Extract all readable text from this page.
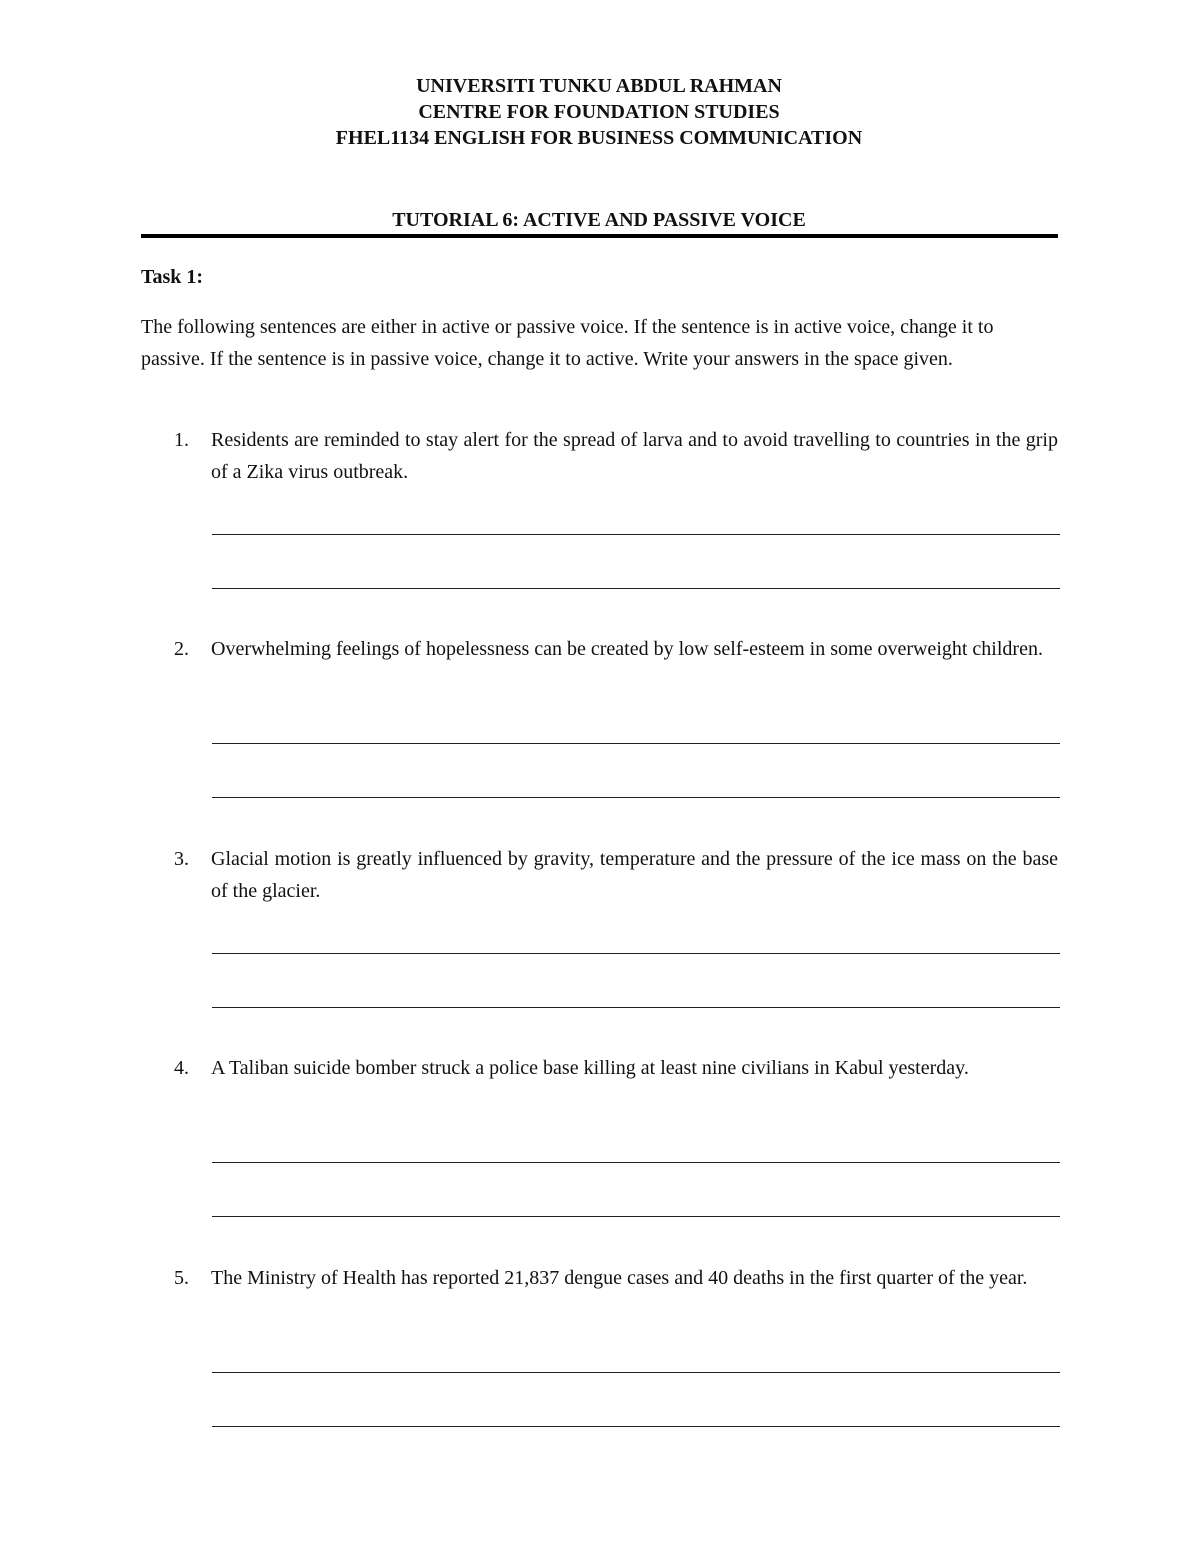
UNIVERSITI TUNKU ABDUL RAHMAN
CENTRE FOR FOUNDATION STUDIES
FHEL1134 ENGLISH FOR BUSINESS COMMUNICATION
TUTORIAL 6: ACTIVE AND PASSIVE VOICE
Task 1:
The following sentences are either in active or passive voice. If the sentence is in active voice, change it to passive. If the sentence is in passive voice, change it to active. Write your answers in the space given.
1. Residents are reminded to stay alert for the spread of larva and to avoid travelling to countries in the grip of a Zika virus outbreak.
2. Overwhelming feelings of hopelessness can be created by low self-esteem in some overweight children.
3. Glacial motion is greatly influenced by gravity, temperature and the pressure of the ice mass on the base of the glacier.
4. A Taliban suicide bomber struck a police base killing at least nine civilians in Kabul yesterday.
5. The Ministry of Health has reported 21,837 dengue cases and 40 deaths in the first quarter of the year.
